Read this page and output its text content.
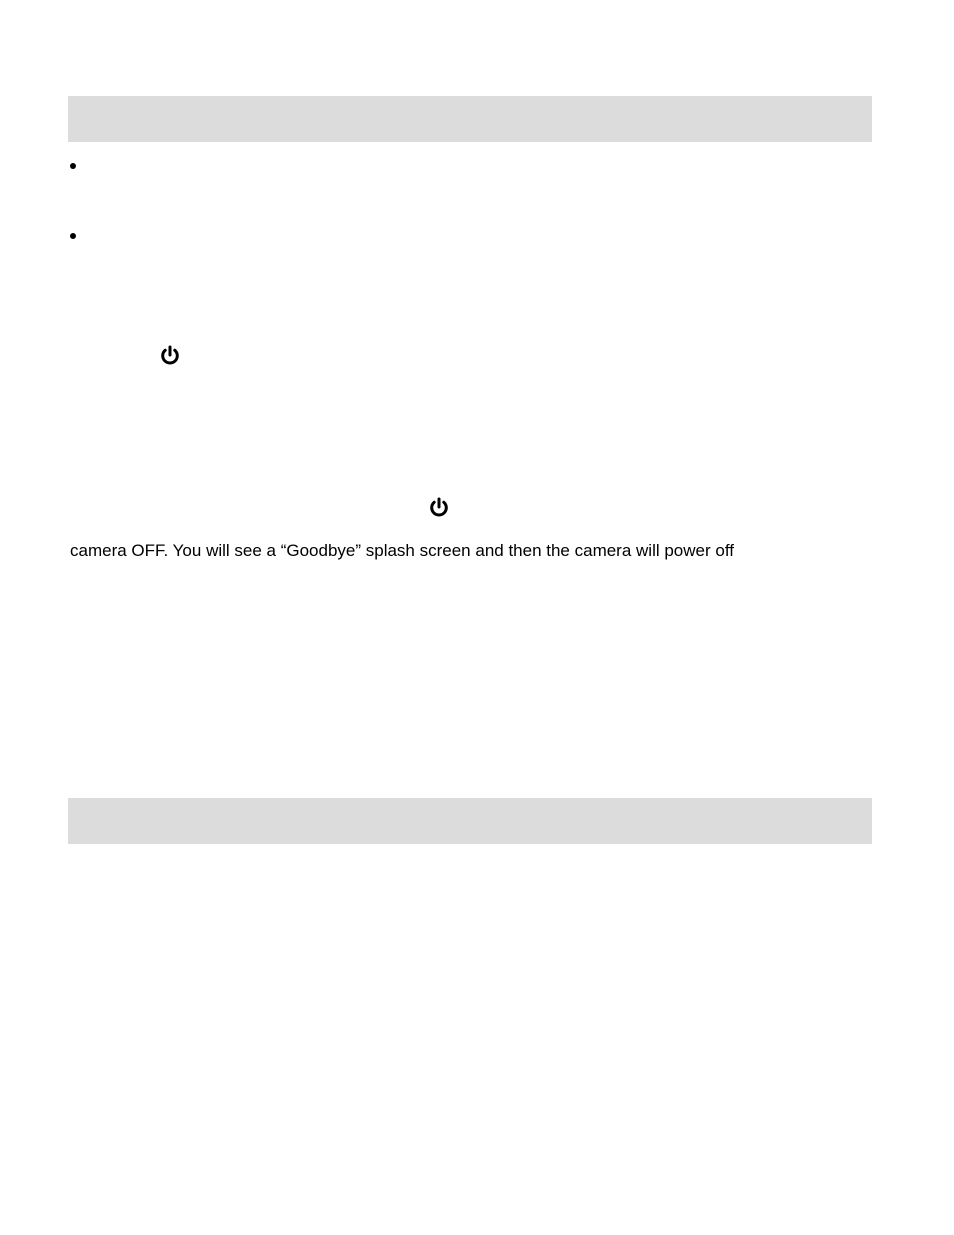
camera OFF. You will see a “Goodbye” splash screen and then the camera will power off
